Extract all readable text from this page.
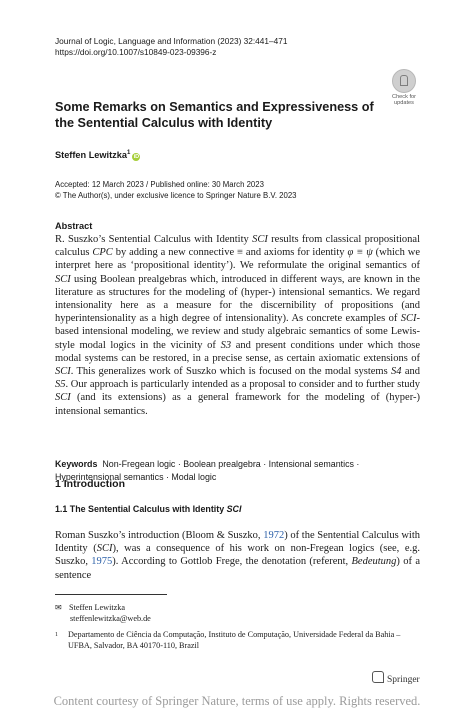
Journal of Logic, Language and Information (2023) 32:441–471
https://doi.org/10.1007/s10849-023-09396-z
Check for
updates
Some Remarks on Semantics and Expressiveness of the Sentential Calculus with Identity
Steffen Lewitzka$^1$iD
Accepted: 12 March 2023 / Published online: 30 March 2023
© The Author(s), under exclusive licence to Springer Nature B.V. 2023
Abstract

R. Suszko’s Sentential Calculus with Identity SCI results from classical propositional calculus CPC by adding a new connective ≡ and axioms for identity φ ≡ ψ (which we interpret here as ‘propositional identity’). We reformulate the original semantics of SCI using Boolean prealgebras which, introduced in different ways, are known in the literature as structures for the modeling of (hyper-) intensional semantics. We regard intensionality here as a measure for the discernibility of propositions (and hyperintensionality as a high degree of intensionality). As concrete examples of SCI-based intensional modeling, we review and study algebraic semantics of some Lewis-style modal logics in the vicinity of S3 and present conditions under which those modal systems can be restored, in a precise sense, as certain axiomatic extensions of SCI. This generalizes work of Suszko which is focused on the modal systems S4 and S5. Our approach is particularly intended as a proposal to consider and to further study SCI (and its extensions) as a general framework for the modeling of (hyper-) intensional semantics.

Keywords Non-Fregean logic · Boolean prealgebra · Intensional semantics · Hyperintensional semantics · Modal logic

1 Introduction
1.1 The Sentential Calculus with Identity SCI

Roman Suszko’s introduction (Bloom & Suszko, 1972) of the Sentential Calculus with Identity (SCI), was a consequence of his work on non-Fregean logics (see, e.g. Suszko, 1975). According to Gottlob Frege, the denotation (referent, Bedeutung) of a sentence

✉ Steffen Lewitzka
steffenlewitzka@web.de
1	Departamento de Ciência da Computação, Instituto de Computação, Universidade Federal da Bahia – UFBA, Salvador, BA 40170-110, Brazil
Springer
Content courtesy of Springer Nature, terms of use apply. Rights reserved.
